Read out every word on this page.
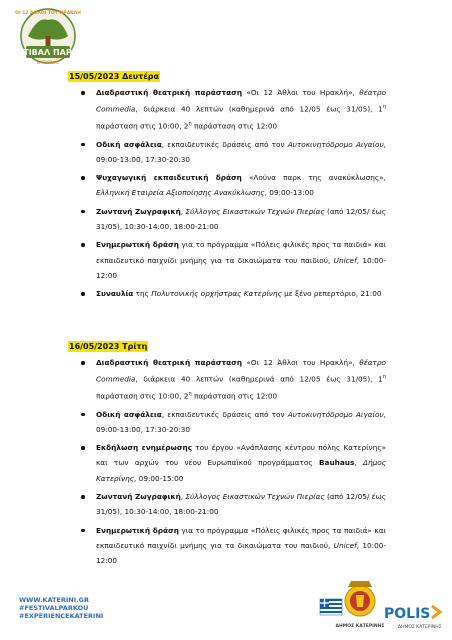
ΦΕΣΤΙΒΑΛ ΠΑΡΚΟΥ
ΚΑΤΕΡΙΝΗΣ
ΟΙ 12 ΑΘΛΟΙ ΤΟΥ ΗΡΑΚΛΗ
15/05/2023 Δευτέρα
Διαδραστική θεατρική παράσταση «Οι 12 Άθλοι του Ηρακλή», θέατρο Commedia, διάρκεια 40 λεπτών (καθημερινά από 12/05 έως 31/05), $1^\eta$ παράσταση στις 10:00, $2^\eta$ παράσταση στις 12:00
Οδική ασφάλεια, εκπαιδευτικές δράσεις από τον Αυτοκινητόδρομο Αιγαίου, 09:00-13:00, 17:30-20:30
Ψυχαγωγική εκπαιδευτική δράση «Λούνα παρκ της ανακύκλωσης», Ελληνική Εταιρεία Αξιοποίησης Ανακύκλωσης, 09:00-13:00
Ζωντανή Ζωγραφική, Σύλλογος Εικαστικών Τεχνών Πιερίας (από 12/05/ έως 31/05), 10:30-14:00, 18:00-21:00
Ενημερωτική δράση για το πρόγραμμα «Πόλεις φιλικές προς τα παιδιά» και εκπαιδευτικό παιχνίδι μνήμης για τα δικαιώματα του παιδιού, Unicef, 10:00-12:00
Συναυλία της Πολυτονικής ορχήστρας Κατερίνης με ξένο ρεπερτόριο, 21:00
16/05/2023 Τρίτη
Διαδραστική θεατρική παράσταση «Οι 12 Άθλοι του Ηρακλή», θέατρο Commedia, διάρκεια 40 λεπτών (καθημερινά από 12/05 έως 31/05), $1^\eta$ παράσταση στις 10:00, $2^\eta$ παράσταση στις 12:00
Οδική ασφάλεια, εκπαιδευτικές δράσεις από τον Αυτοκινητόδρομο Αιγαίου, 09:00-13:00, 17:30-20:30
Εκδήλωση ενημέρωσης του έργου «Ανάπλασης κέντρου πόλης Κατερίνης» και των αρχών του νέου Ευρωπαϊκού προγράμματος Bauhaus, Δήμος Κατερίνης, 09:00-15:00
Ζωντανή Ζωγραφική, Σύλλογος Εικαστικών Τεχνών Πιερίας (από 12/05/ έως 31/05), 10:30-14:00, 18:00-21:00
Ενημερωτική δράση για το πρόγραμμα «Πόλεις φιλικές προς τα παιδιά» και εκπαιδευτικό παιχνίδι μνήμης για τα δικαιώματα του παιδιού, Unicef, 10:00-12:00
WWW.KATERINI.GR
#FESTIVALPARKOU
#EXPERIENCEKATERINI
ΔΗΜΟΣ ΚΑΤΕΡΙΝΗΣ
POLIS
ΔΗΜΟΣ ΚΑΤΕΡΙΝΗΣ
